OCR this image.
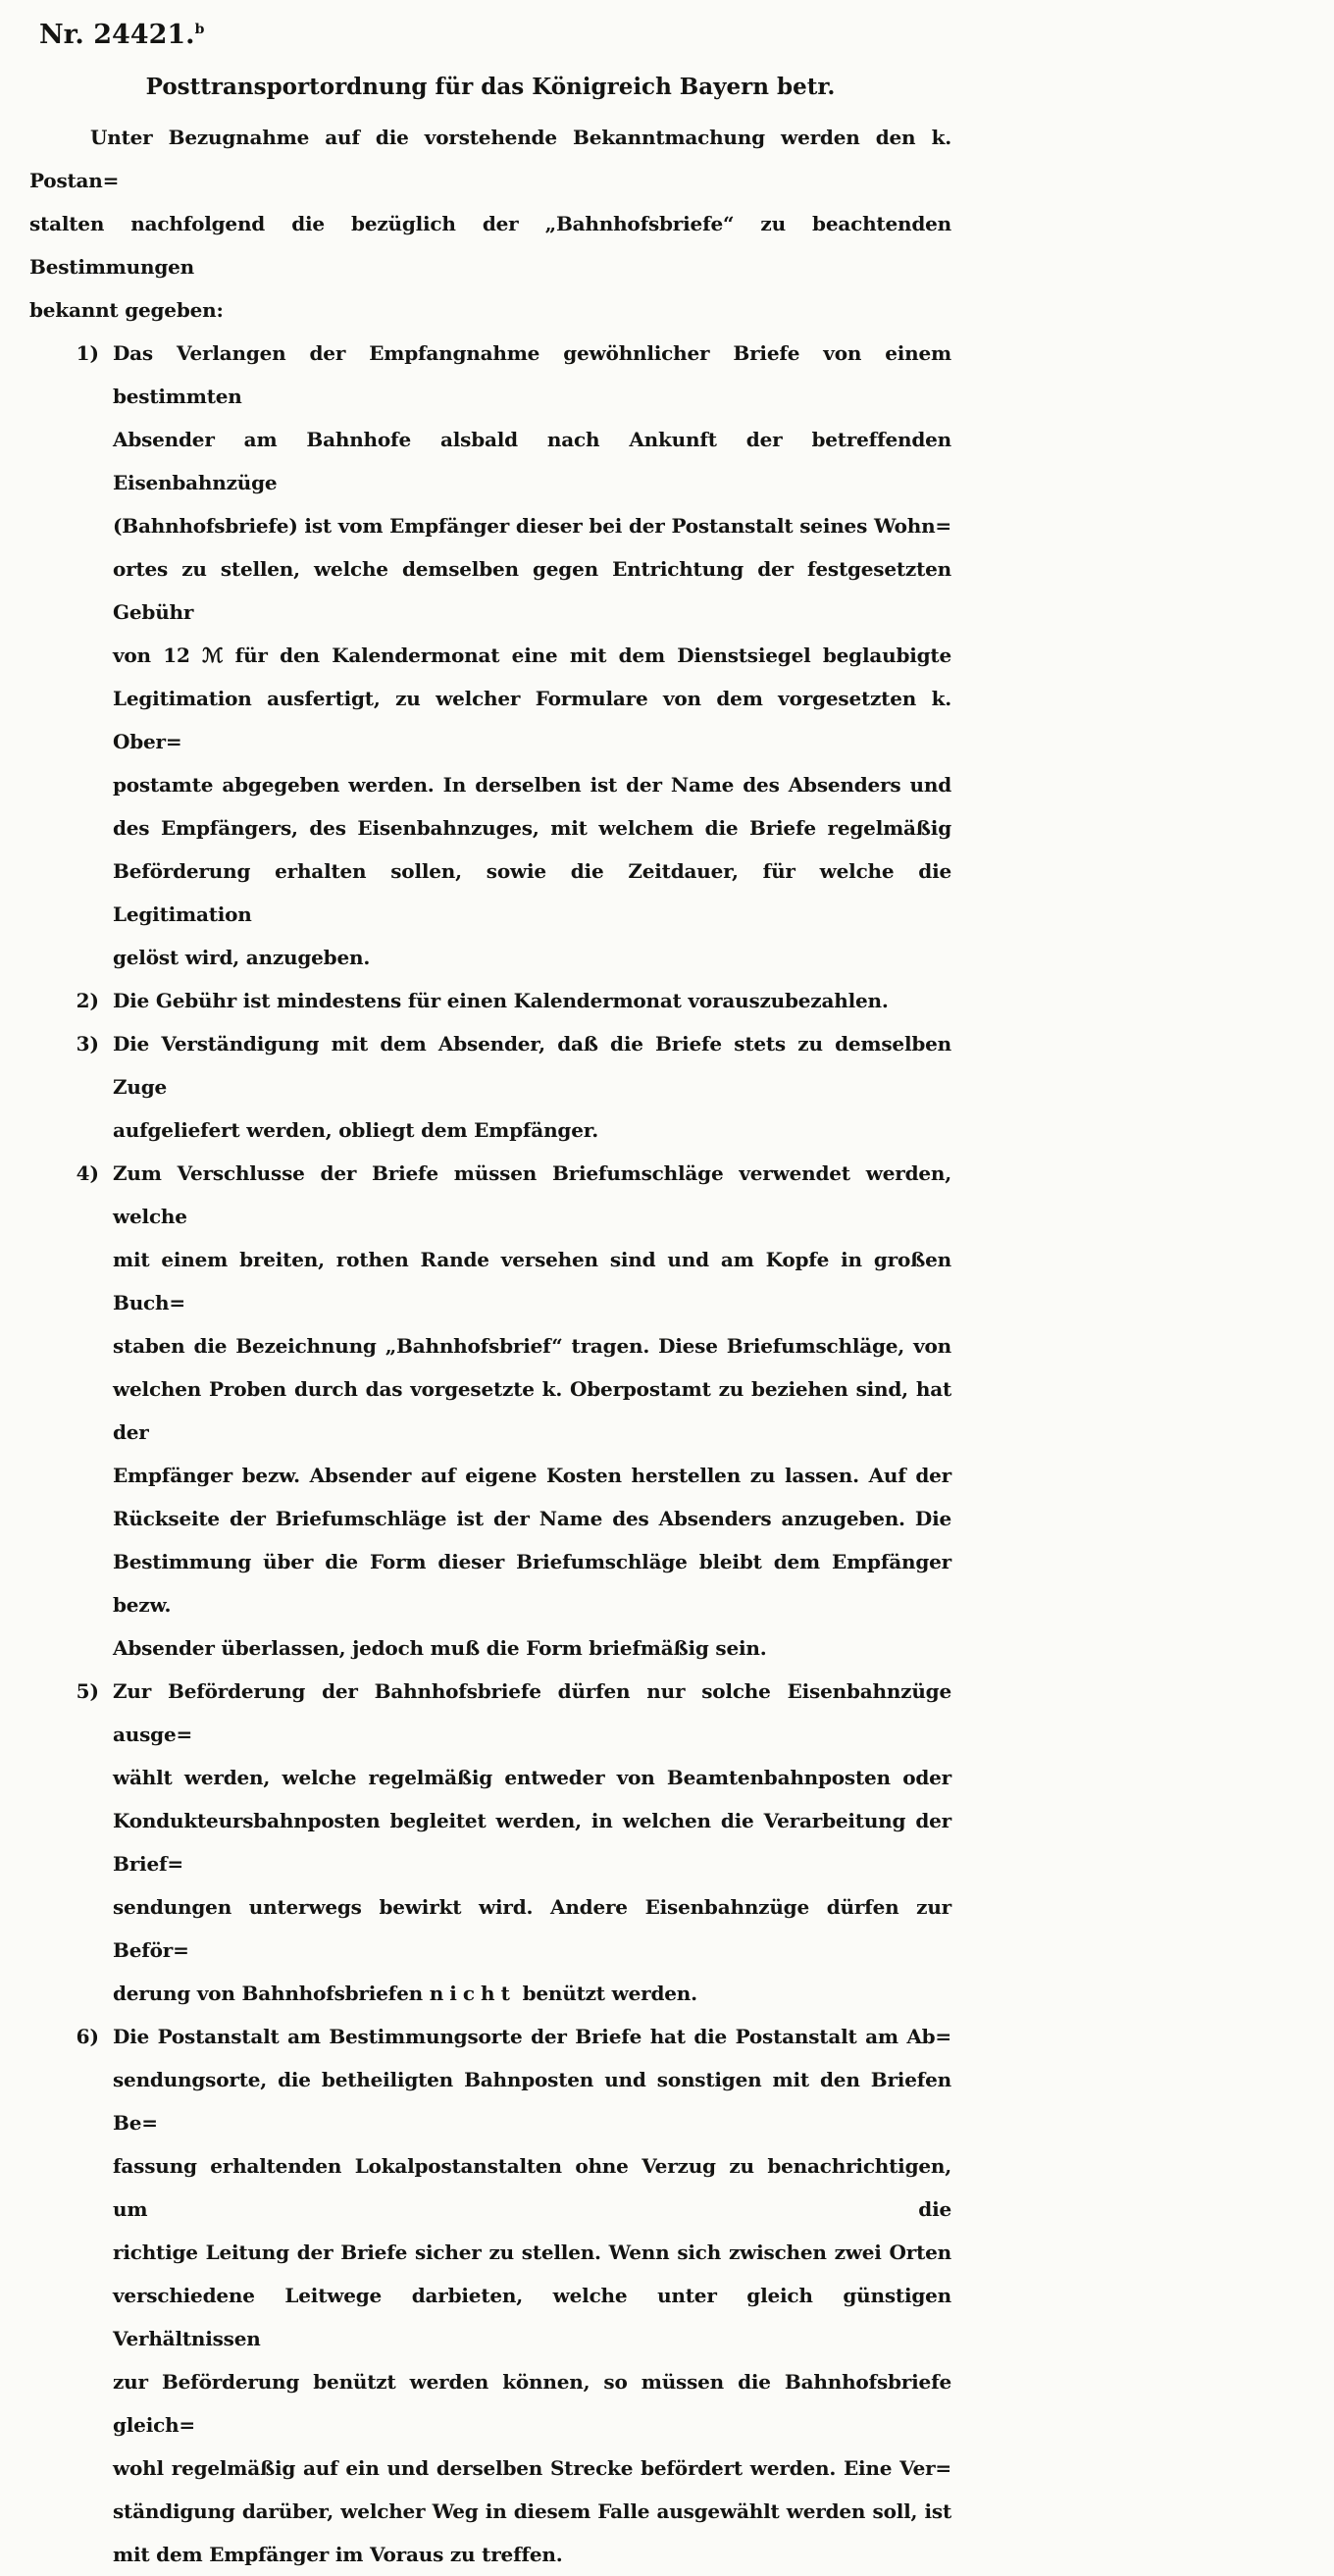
Nr. 24421.$^b$
Posttransportordnung für das Königreich Bayern betr.
Unter Bezugnahme auf die vorstehende Bekanntmachung werden den k. Postan=
stalten nachfolgend die bezüglich der „Bahnhofsbriefe“ zu beachtenden Bestimmungen
bekannt gegeben:
1) Das Verlangen der Empfangnahme gewöhnlicher Briefe von einem bestimmten
Absender am Bahnhofe alsbald nach Ankunft der betreffenden Eisenbahnzüge
(Bahnhofsbriefe) ist vom Empfänger dieser bei der Postanstalt seines Wohn=
ortes zu stellen, welche demselben gegen Entrichtung der festgesetzten Gebühr
von 12 ℳ für den Kalendermonat eine mit dem Dienstsiegel beglaubigte
Legitimation ausfertigt, zu welcher Formulare von dem vorgesetzten k. Ober=
postamte abgegeben werden. In derselben ist der Name des Absenders und
des Empfängers, des Eisenbahnzuges, mit welchem die Briefe regelmäßig
Beförderung erhalten sollen, sowie die Zeitdauer, für welche die Legitimation
gelöst wird, anzugeben.
2) Die Gebühr ist mindestens für einen Kalendermonat vorauszubezahlen.
3) Die Verständigung mit dem Absender, daß die Briefe stets zu demselben Zuge
aufgeliefert werden, obliegt dem Empfänger.
4) Zum Verschlusse der Briefe müssen Briefumschläge verwendet werden, welche
mit einem breiten, rothen Rande versehen sind und am Kopfe in großen Buch=
staben die Bezeichnung „Bahnhofsbrief“ tragen. Diese Briefumschläge, von
welchen Proben durch das vorgesetzte k. Oberpostamt zu beziehen sind, hat der
Empfänger bezw. Absender auf eigene Kosten herstellen zu lassen. Auf der
Rückseite der Briefumschläge ist der Name des Absenders anzugeben. Die
Bestimmung über die Form dieser Briefumschläge bleibt dem Empfänger bezw.
Absender überlassen, jedoch muß die Form briefmäßig sein.
5) Zur Beförderung der Bahnhofsbriefe dürfen nur solche Eisenbahnzüge ausge=
wählt werden, welche regelmäßig entweder von Beamtenbahnposten oder
Kondukteursbahnposten begleitet werden, in welchen die Verarbeitung der Brief=
sendungen unterwegs bewirkt wird. Andere Eisenbahnzüge dürfen zur Beför=
derung von Bahnhofsbriefen nicht benützt werden.
6) Die Postanstalt am Bestimmungsorte der Briefe hat die Postanstalt am Ab=
sendungsorte, die betheiligten Bahnposten und sonstigen mit den Briefen Be=
fassung erhaltenden Lokalpostanstalten ohne Verzug zu benachrichtigen, um die
richtige Leitung der Briefe sicher zu stellen. Wenn sich zwischen zwei Orten
verschiedene Leitwege darbieten, welche unter gleich günstigen Verhältnissen
zur Beförderung benützt werden können, so müssen die Bahnhofsbriefe gleich=
wohl regelmäßig auf ein und derselben Strecke befördert werden. Eine Ver=
ständigung darüber, welcher Weg in diesem Falle ausgewählt werden soll, ist
mit dem Empfänger im Voraus zu treffen.
